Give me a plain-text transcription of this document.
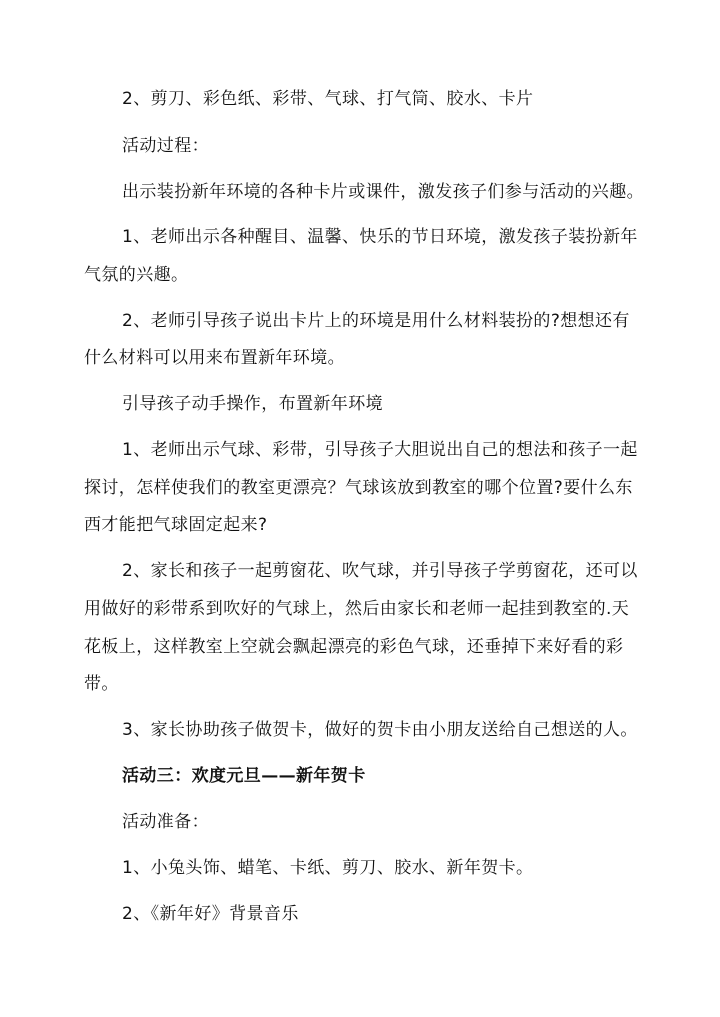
2、剪刀、彩色纸、彩带、气球、打气筒、胶水、卡片
活动过程：
出示装扮新年环境的各种卡片或课件，激发孩子们参与活动的兴趣。
1、老师出示各种醒目、温馨、快乐的节日环境，激发孩子装扮新年
气氛的兴趣。
2、老师引导孩子说出卡片上的环境是用什么材料装扮的?想想还有
什么材料可以用来布置新年环境。
引导孩子动手操作，布置新年环境
1、老师出示气球、彩带，引导孩子大胆说出自己的想法和孩子一起
探讨，怎样使我们的教室更漂亮？气球该放到教室的哪个位置?要什么东
西才能把气球固定起来?
2、家长和孩子一起剪窗花、吹气球，并引导孩子学剪窗花，还可以
用做好的彩带系到吹好的气球上，然后由家长和老师一起挂到教室的.天
花板上，这样教室上空就会飘起漂亮的彩色气球，还垂掉下来好看的彩
带。
3、家长协助孩子做贺卡，做好的贺卡由小朋友送给自己想送的人。
活动三：欢度元旦——新年贺卡
活动准备：
1、小兔头饰、蜡笔、卡纸、剪刀、胶水、新年贺卡。
2、《新年好》背景音乐
